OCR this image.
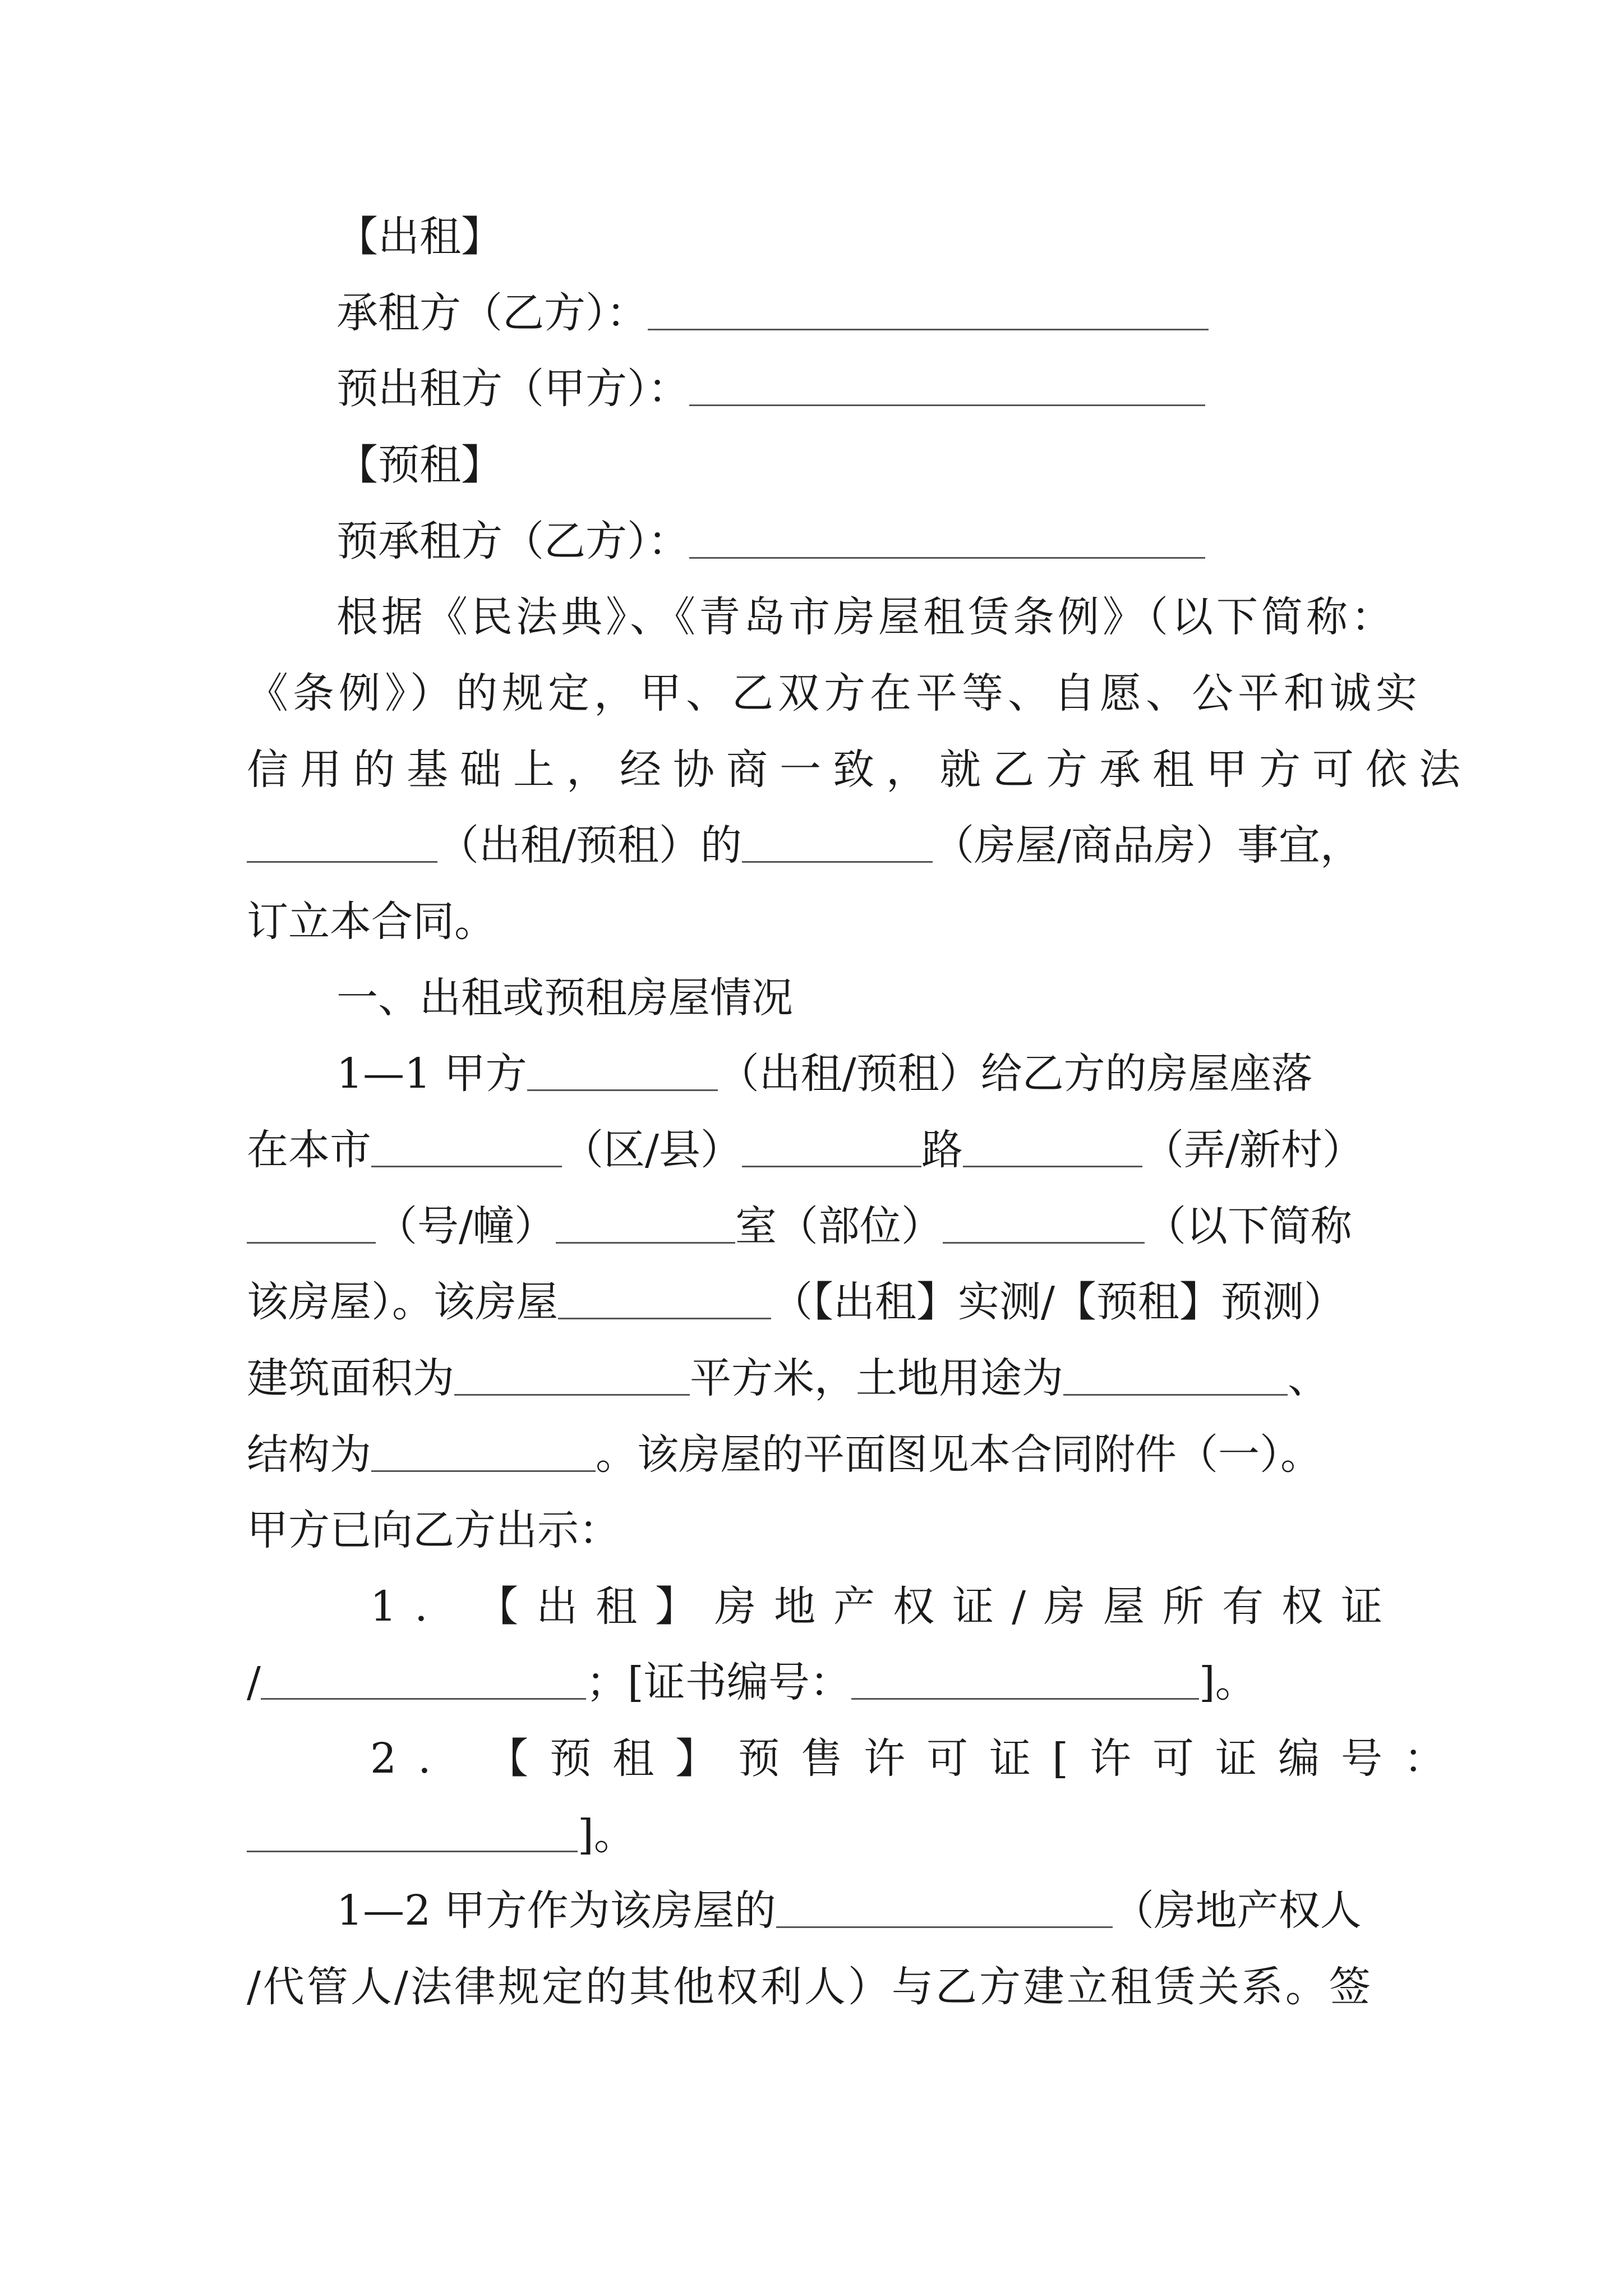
【出租】
承租方（乙方）：
预出租方（甲方）：
【预租】
预承租方（乙方）：
根据《民法典》、《青岛市房屋租赁条例》（以下简称：
《条例》）的规定，甲、乙双方在平等、自愿、公平和诚实
信用的基础上，经协商一致，就乙方承租甲方可依法
（出租/预租）的	（房屋/商品房）事宜，
订立本合同。
一、出租或预租房屋情况
1—1 甲方	（出租/预租）给乙方的房屋座落
在本市	（区/县）	路	（弄/新村）
（号/幢）	室（部位）	（以下简称
该房屋）。该房屋	（【出租】实测/【预租】预测）
建筑面积为	平方米，土地用途为	、
结构为	。该房屋的平面图见本合同附件（一）。
甲方已向乙方出示：
1. 【出租】房地产权证/房屋所有权证
/	；[证书编号：	]。
2. 【预租】预售许可证[许可证编号：
]。
1—2 甲方作为该房屋的	（房地产权人
/代管人/法律规定的其他权利人）与乙方建立租赁关系。签
